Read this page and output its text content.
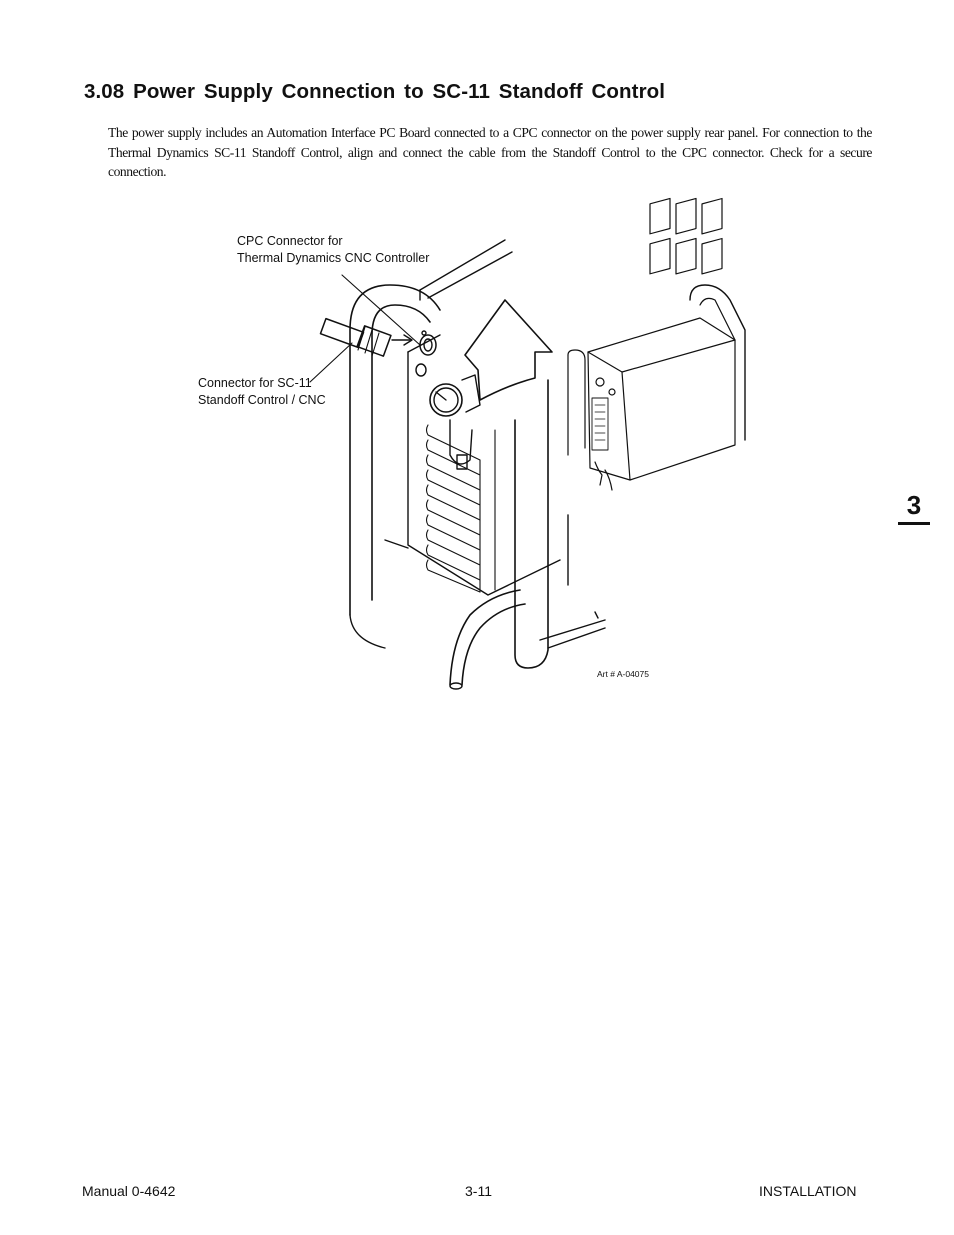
3.08 Power Supply Connection to SC-11 Standoff Control

The power supply includes an Automation Interface PC Board connected to a CPC connector on the power supply rear panel. For connection to the Thermal Dynamics SC-11 Standoff Control, align and connect the cable from the Standoff Control to the CPC connector. Check for a secure connection.

CPC Connector for
Thermal Dynamics CNC Controller
Connector for SC-11
Standoff Control / CNC
Art # A-04075
3
Manual 0-4642	3-11	INSTALLATION
